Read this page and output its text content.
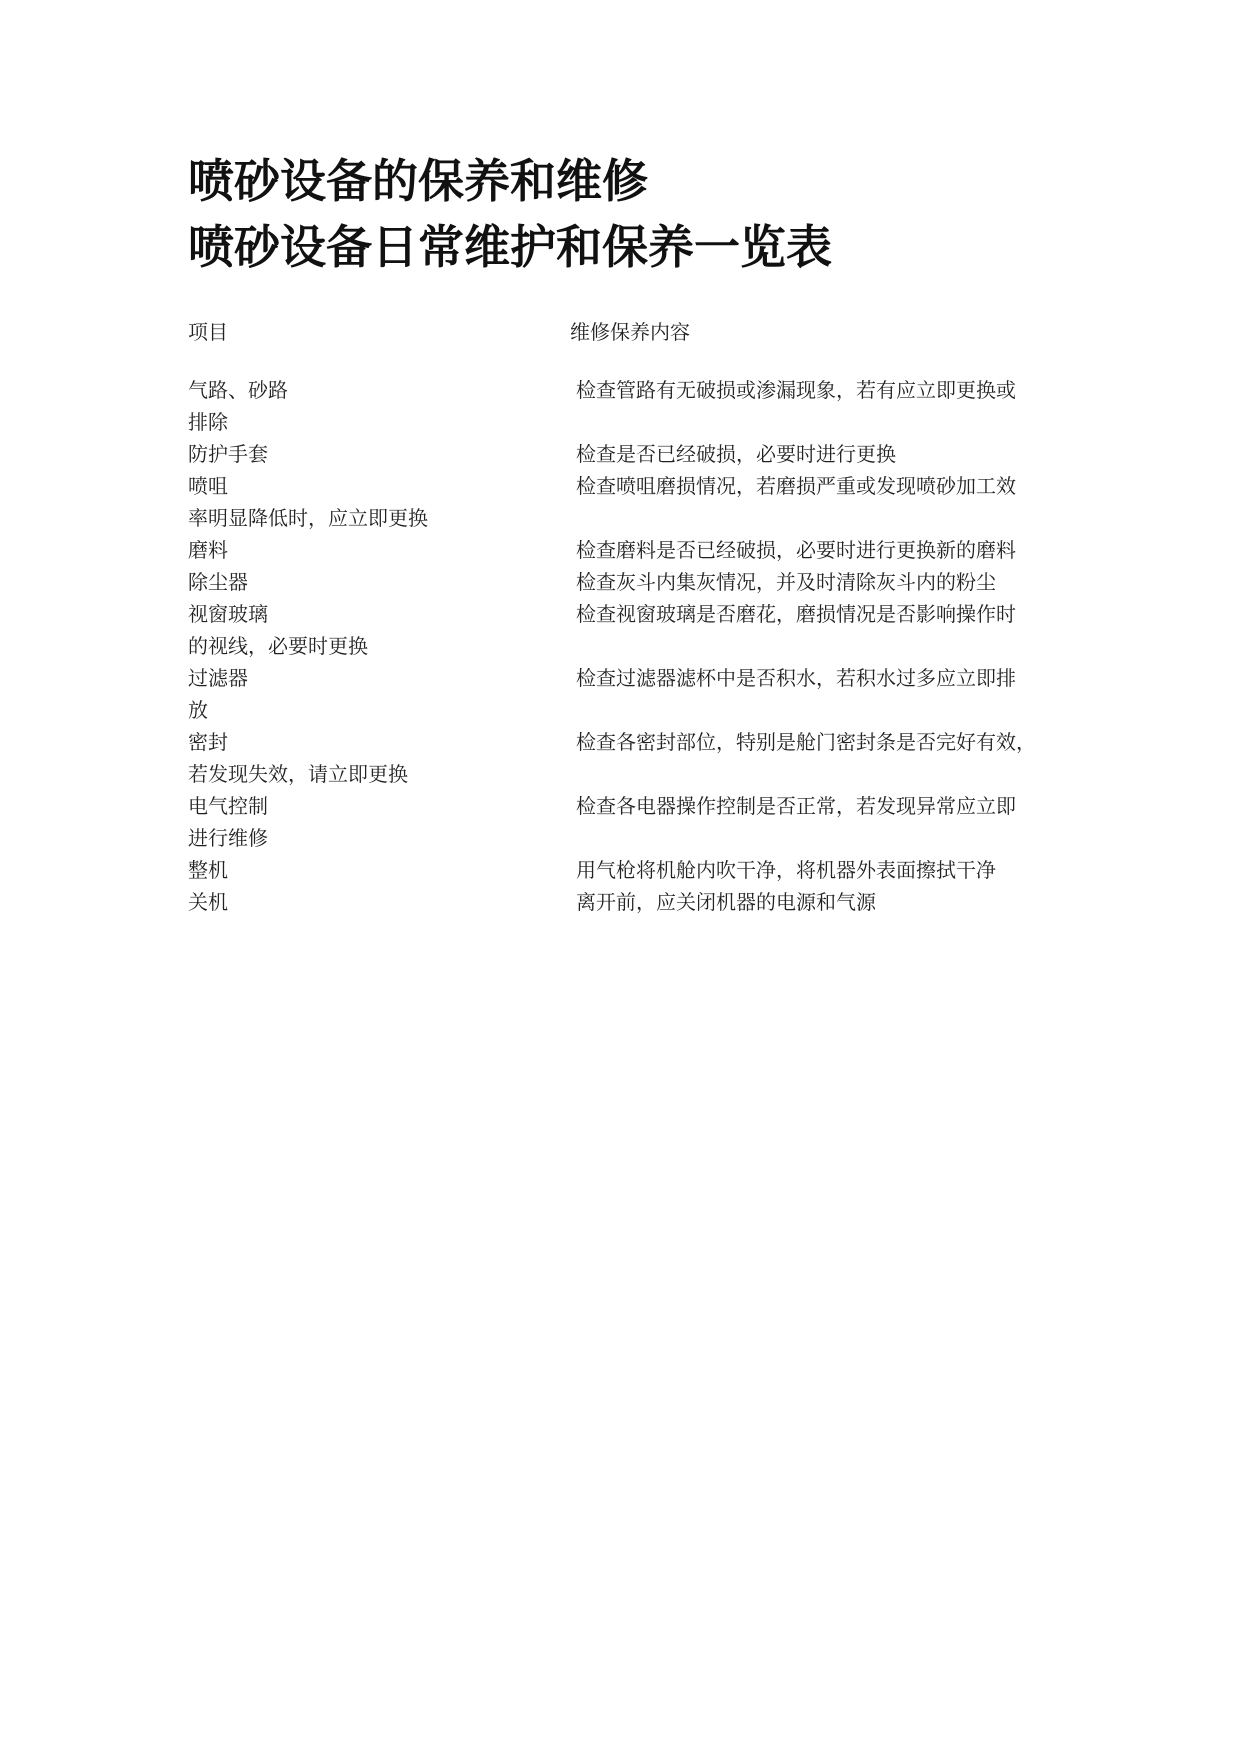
喷砂设备的保养和维修
喷砂设备日常维护和保养一览表
项目	维修保养内容
气路、砂路	检查管路有无破损或渗漏现象，若有应立即更换或
排除
防护手套	检查是否已经破损，必要时进行更换
喷咀	检查喷咀磨损情况，若磨损严重或发现喷砂加工效
率明显降低时，应立即更换
磨料	检查磨料是否已经破损，必要时进行更换新的磨料
除尘器	检查灰斗内集灰情况，并及时清除灰斗内的粉尘
视窗玻璃	检查视窗玻璃是否磨花，磨损情况是否影响操作时
的视线，必要时更换
过滤器	检查过滤器滤杯中是否积水，若积水过多应立即排
放
密封	检查各密封部位，特别是舱门密封条是否完好有效，
若发现失效，请立即更换
电气控制	检查各电器操作控制是否正常，若发现异常应立即
进行维修
整机	用气枪将机舱内吹干净，将机器外表面擦拭干净
关机	离开前，应关闭机器的电源和气源
